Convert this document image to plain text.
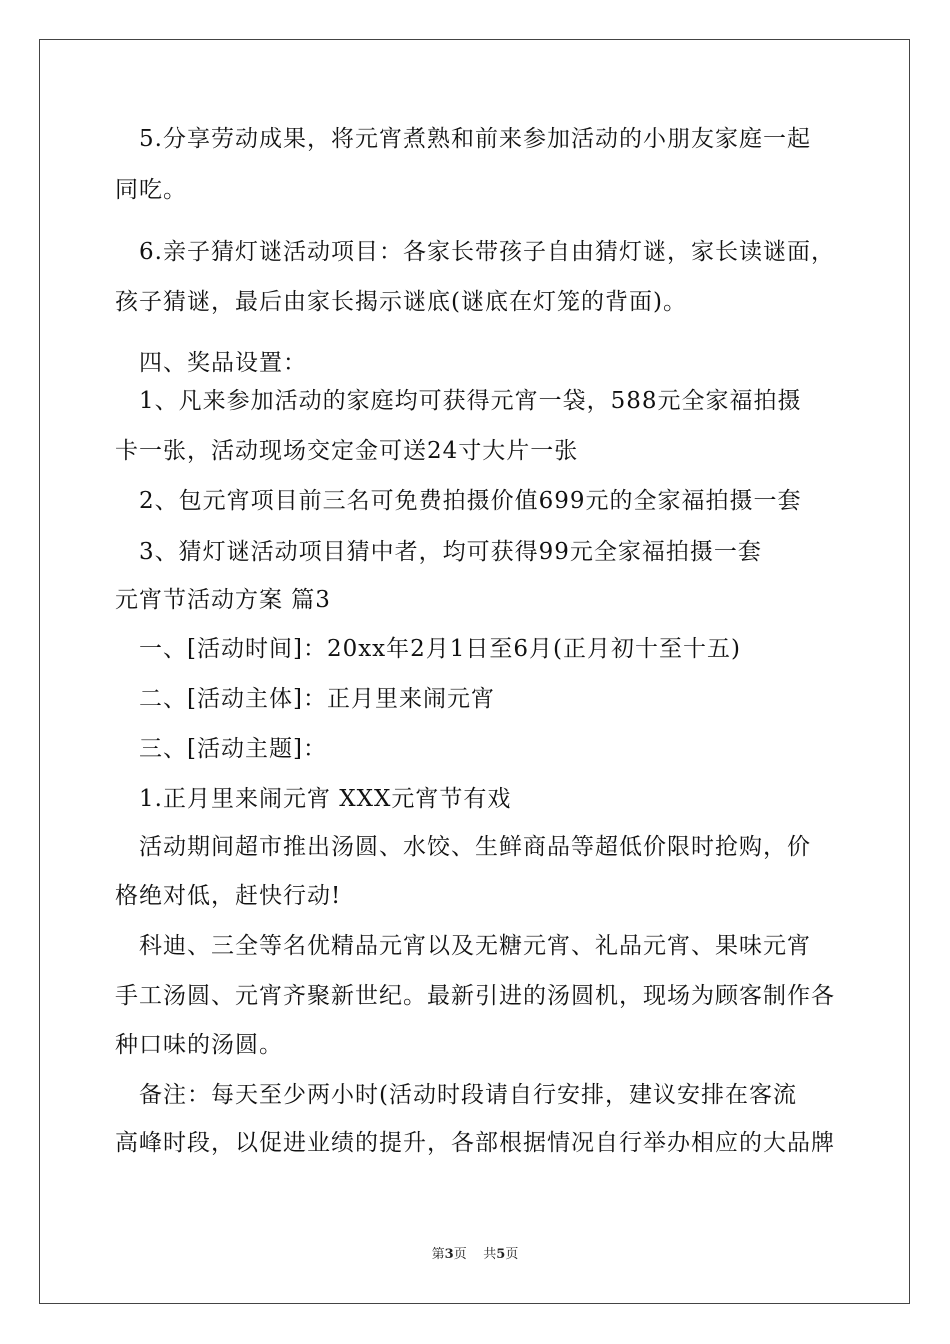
　5.分享劳动成果，将元宵煮熟和前来参加活动的小朋友家庭一起
同吃。
　6.亲子猜灯谜活动项目：各家长带孩子自由猜灯谜，家长读谜面，
孩子猜谜，最后由家长揭示谜底(谜底在灯笼的背面)。
　四、奖品设置：
　1、凡来参加活动的家庭均可获得元宵一袋，588元全家福拍摄
卡一张，活动现场交定金可送24寸大片一张
　2、包元宵项目前三名可免费拍摄价值699元的全家福拍摄一套
　3、猜灯谜活动项目猜中者，均可获得99元全家福拍摄一套
元宵节活动方案 篇3
　一、[活动时间]：20xx年2月1日至6月(正月初十至十五)
　二、[活动主体]：正月里来闹元宵
　三、[活动主题]：
　1.正月里来闹元宵 XXX元宵节有戏
　活动期间超市推出汤圆、水饺、生鲜商品等超低价限时抢购，价
格绝对低，赶快行动!
　科迪、三全等名优精品元宵以及无糖元宵、礼品元宵、果味元宵
手工汤圆、元宵齐聚新世纪。最新引进的汤圆机，现场为顾客制作各
种口味的汤圆。
　备注：每天至少两小时(活动时段请自行安排，建议安排在客流
高峰时段，以促进业绩的提升，各部根据情况自行举办相应的大品牌
第3页 共5页
